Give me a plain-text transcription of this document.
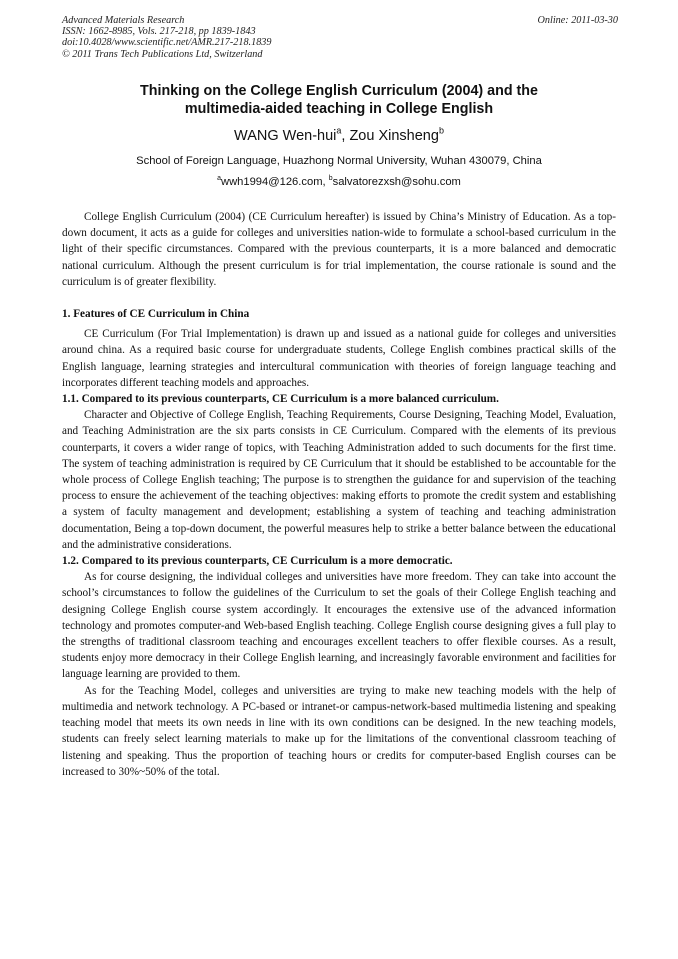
Advanced Materials Research
ISSN: 1662-8985, Vols. 217-218, pp 1839-1843
doi:10.4028/www.scientific.net/AMR.217-218.1839
© 2011 Trans Tech Publications Ltd, Switzerland
Online: 2011-03-30
Thinking on the College English Curriculum (2004) and the
multimedia-aided teaching in College English
WANG Wen-hui$^a$, Zou Xinsheng$^b$
School of Foreign Language, Huazhong Normal University, Wuhan 430079, China
$^a$wwh1994@126.com, $^b$salvatorezxsh@sohu.com

College English Curriculum (2004) (CE Curriculum hereafter) is issued by China’s Ministry of Education. As a top-down document, it acts as a guide for colleges and universities nation-wide to formulate a school-based curriculum in the light of their specific circumstances. Compared with the previous counterparts, it is a more balanced and democratic national curriculum. Although the present curriculum is for trial implementation, the course rationale is sound and the curriculum is of greater flexibility.

1. Features of CE Curriculum in China

CE Curriculum (For Trial Implementation) is drawn up and issued as a national guide for colleges and universities around china. As a required basic course for undergraduate students, College English combines practical skills of the English language, learning strategies and intercultural communication with theories of foreign language teaching and incorporates different teaching models and approaches.

1.1. Compared to its previous counterparts, CE Curriculum is a more balanced curriculum.

Character and Objective of College English, Teaching Requirements, Course Designing, Teaching Model, Evaluation, and Teaching Administration are the six parts consists in CE Curriculum. Compared with the elements of its previous counterparts, it covers a wider range of topics, with Teaching Administration added to such documents for the first time. The system of teaching administration is required by CE Curriculum that it should be established to be accountable for the whole process of College English teaching; The purpose is to strengthen the guidance for and supervision of the teaching process to ensure the achievement of the teaching objectives: making efforts to promote the credit system and establishing a system of faculty management and development; establishing a system of teaching and teaching administration documentation, Being a top-down document, the powerful measures help to strike a better balance between the educational and the administrative considerations.

1.2. Compared to its previous counterparts, CE Curriculum is a more democratic.

As for course designing, the individual colleges and universities have more freedom. They can take into account the school’s circumstances to follow the guidelines of the Curriculum to set the goals of their College English teaching and designing College English course system accordingly. It encourages the extensive use of the advanced information technology and promotes computer-and Web-based English teaching. College English course designing gives a full play to the strengths of traditional classroom teaching and encourages excellent teachers to offer flexible courses. As a result, students enjoy more democracy in their College English learning, and increasingly favorable environment and facilities for language learning are provided to them.

As for the Teaching Model, colleges and universities are trying to make new teaching models with the help of multimedia and network technology. A PC-based or intranet-or campus-network-based multimedia listening and speaking teaching model that meets its own needs in line with its own conditions can be designed. In the new teaching models, students can freely select learning materials to make up for the limitations of the conventional classroom teaching of listening and speaking. Thus the proportion of teaching hours or credits for computer-based English courses can be increased to 30%~50% of the total.
